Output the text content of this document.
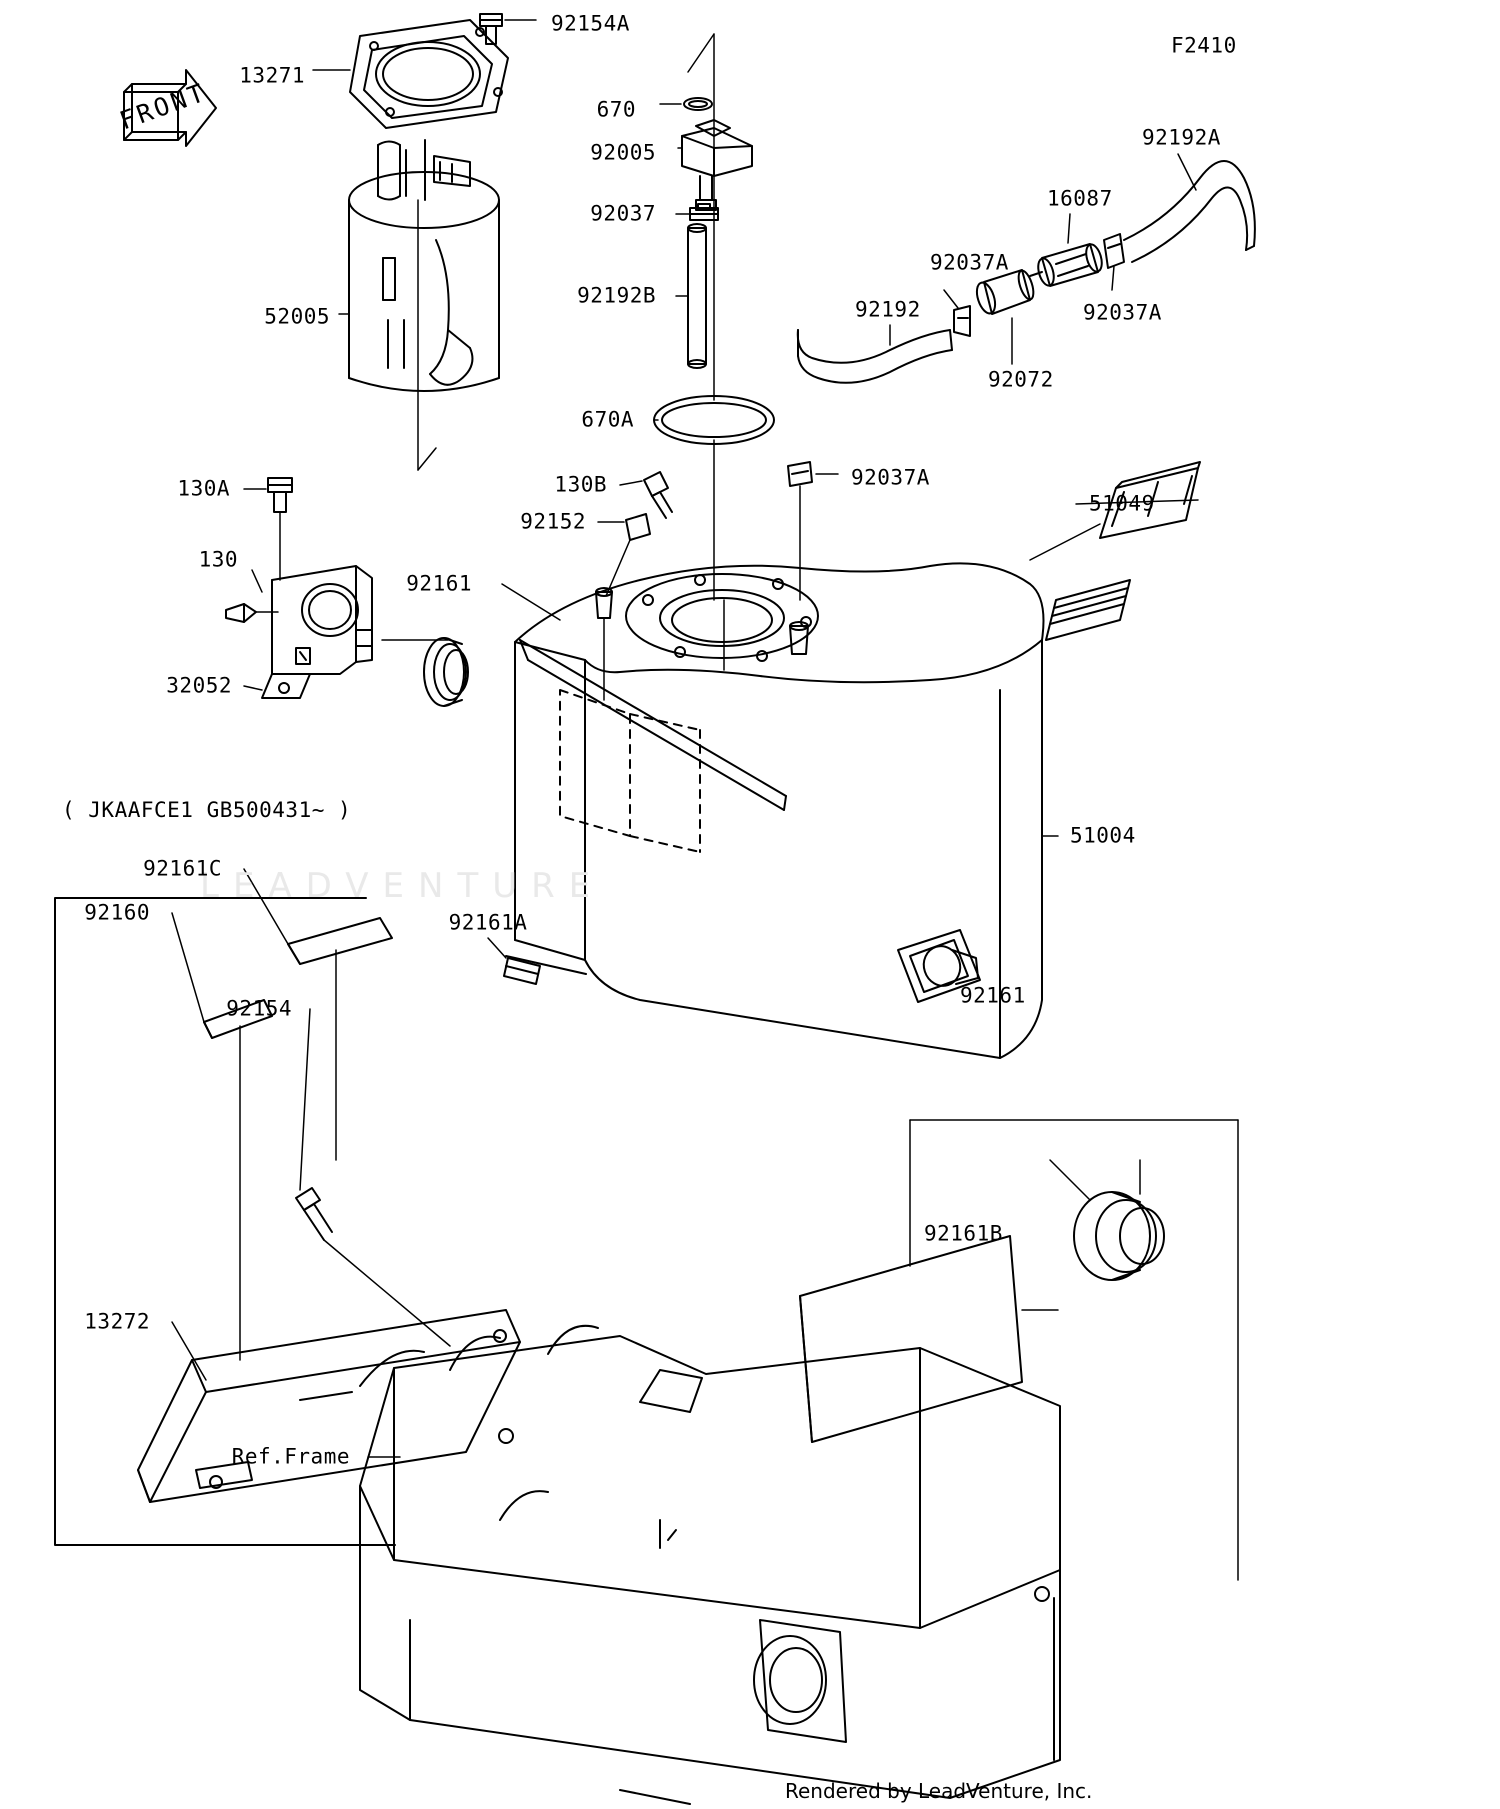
FRONT
LEADVENTURE
( JKAAFCE1 GB500431~ )
Rendered by LeadVenture, Inc.
92154A
13271
F2410
670
92005
92192A
16087
92037
92037A
92192B
92037A
92192
52005
92072
670A
92037A
130A	130B
51049
92152
130
92161
32052
51004
92161C
92160	92161A
92161
92154
92161B
13272
Ref.Frame
